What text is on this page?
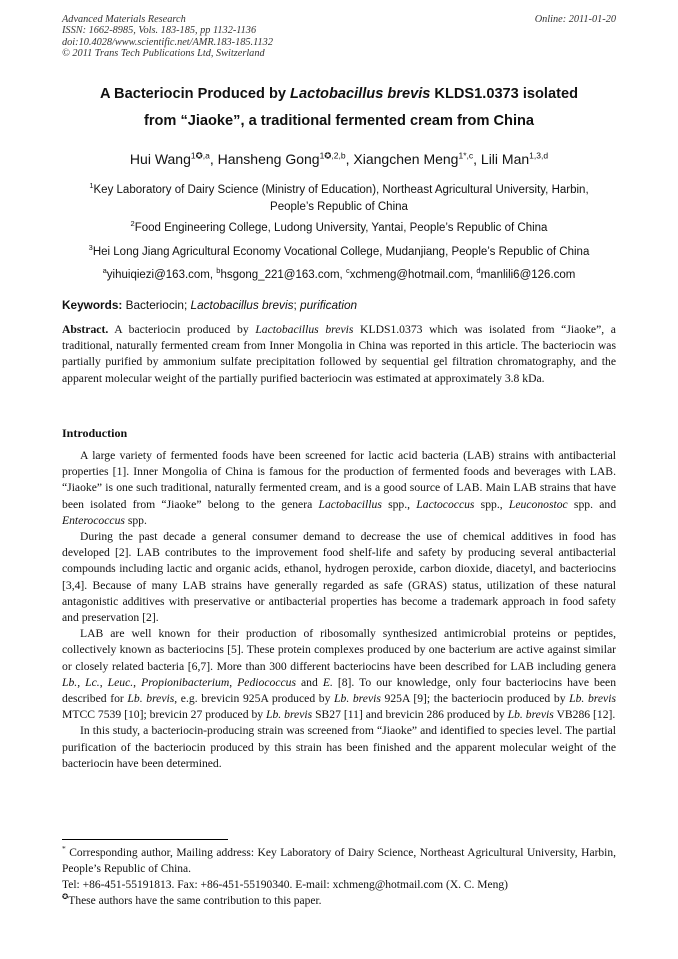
Advanced Materials Research
ISSN: 1662-8985, Vols. 183-185, pp 1132-1136
doi:10.4028/www.scientific.net/AMR.183-185.1132
© 2011 Trans Tech Publications Ltd, Switzerland
Online: 2011-01-20
A Bacteriocin Produced by Lactobacillus brevis KLDS1.0373 isolated
from “Jiaoke”, a traditional fermented cream from China
Hui Wang$^{1✪,a}$, Hansheng Gong$^{1✪,2,b}$, Xiangchen Meng$^{1*,c}$, Lili Man$^{1,3,d}$
$^1$Key Laboratory of Dairy Science (Ministry of Education), Northeast Agricultural University, Harbin,
People’s Republic of China
$^2$Food Engineering College, Ludong University, Yantai, People’s Republic of China
$^3$Hei Long Jiang Agricultural Economy Vocational College, Mudanjiang, People’s Republic of China
$^a$yihuiqiezi@163.com, $^b$hsgong_221@163.com, $^c$xchmeng@hotmail.com, $^d$manlili6@126.com
Keywords: Bacteriocin; Lactobacillus brevis; purification

Abstract. A bacteriocin produced by Lactobacillus brevis KLDS1.0373 which was isolated from “Jiaoke”, a traditional, naturally fermented cream from Inner Mongolia in China was reported in this article. The bacteriocin was partially purified by ammonium sulfate precipitation followed by sequential gel filtration chromatography, and the apparent molecular weight of the partially purified bacteriocin was estimated at approximately 3.8 kDa.

Introduction

A large variety of fermented foods have been screened for lactic acid bacteria (LAB) strains with antibacterial properties [1]. Inner Mongolia of China is famous for the production of fermented foods and beverages with LAB. “Jiaoke” is one such traditional, naturally fermented cream, and is a good source of LAB. Main LAB strains that have been isolated from “Jiaoke” belong to the genera Lactobacillus spp., Lactococcus spp., Leuconostoc spp. and Enterococcus spp.

During the past decade a general consumer demand to decrease the use of chemical additives in food has developed [2]. LAB contributes to the improvement food shelf-life and safety by producing several antibacterial compounds including lactic and organic acids, ethanol, hydrogen peroxide, carbon dioxide, diacetyl, and bacteriocins [3,4]. Because of many LAB strains have generally regarded as safe (GRAS) status, utilization of these natural antagonistic additives with preservative or antibacterial properties has become a trademark approach in food safety and preservation [2].

LAB are well known for their production of ribosomally synthesized antimicrobial proteins or peptides, collectively known as bacteriocins [5]. These protein complexes produced by one bacterium are active against similar or closely related bacteria [6,7]. More than 300 different bacteriocins have been described for LAB including genera Lb., Lc., Leuc., Propionibacterium, Pediococcus and E. [8]. To our knowledge, only four bacteriocins have been described for Lb. brevis, e.g. brevicin 925A produced by Lb. brevis 925A [9]; the bacteriocin produced by Lb. brevis MTCC 7539 [10]; brevicin 27 produced by Lb. brevis SB27 [11] and brevicin 286 produced by Lb. brevis VB286 [12].

In this study, a bacteriocin-producing strain was screened from “Jiaoke” and identified to species level. The partial purification of the bacteriocin produced by this strain has been finished and the apparent molecular weight of the bacteriocin have been determined.

* Corresponding author, Mailing address: Key Laboratory of Dairy Science, Northeast Agricultural University, Harbin, People’s Republic of China.

Tel: +86-451-55191813. Fax: +86-451-55190340. E-mail: xchmeng@hotmail.com (X. C. Meng)

✪These authors have the same contribution to this paper.
